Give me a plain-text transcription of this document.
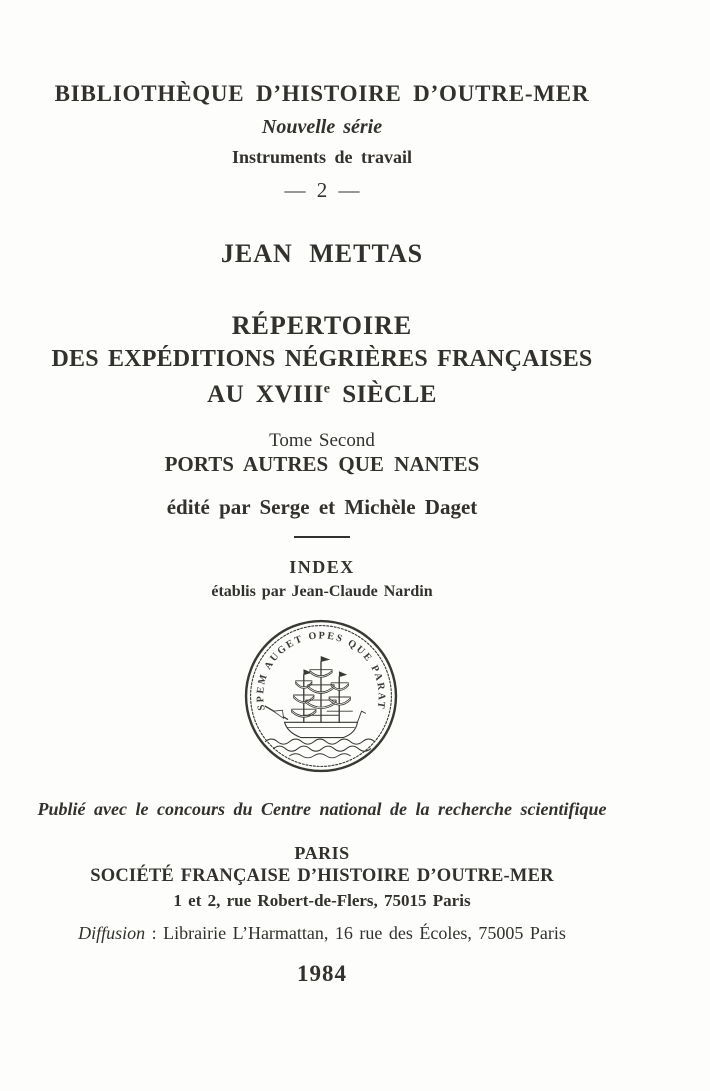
BIBLIOTHÈQUE D’HISTOIRE D’OUTRE-MER
Nouvelle série
Instruments de travail
— 2 —
JEAN METTAS
RÉPERTOIRE
DES EXPÉDITIONS NÉGRIÈRES FRANÇAISES
AU XVIIIe SIÈCLE
Tome Second
PORTS AUTRES QUE NANTES
édité par Serge et Michèle Daget
INDEX
établis par Jean-Claude Nardin
SPEM AUGET OPES QUE PARAT
Publié avec le concours du Centre national de la recherche scientifique
PARIS
SOCIÉTÉ FRANÇAISE D’HISTOIRE D’OUTRE-MER
1 et 2, rue Robert-de-Flers, 75015 Paris
Diffusion : Librairie L’Harmattan, 16 rue des Écoles, 75005 Paris
1984
